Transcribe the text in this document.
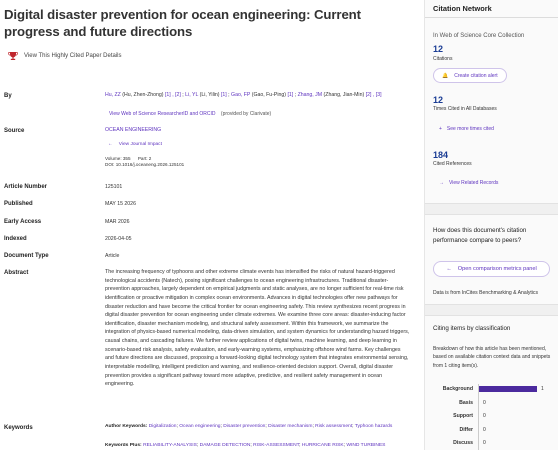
Digital disaster prevention for ocean engineering: Current progress and future directions
View This Highly Cited Paper Details
By	Hu, ZZ (Hu, Zhen-Zhong) [1] , [2] ; Li, YL (Li, Yilin) [1] ; Gao, FP (Gao, Fu-Ping) [1] ; Zhang, JM (Zhang, Jian-Min) [2] , [3]
View Web of Science ResearcherID and ORCID (provided by Clarivate)
Source	OCEAN ENGINEERING
← View Journal Impact
Volume: 355 Part: 2
DOI: 10.1016/j.oceaneng.2026.125101
Article Number	125101
Published	MAY 15 2026
Early Access	MAR 2026
Indexed	2026-04-05
Document Type	Article
Abstract	The increasing frequency of typhoons and other extreme climate events has intensified the risks of natural hazard-triggered technological accidents (Natech), posing significant challenges to ocean engineering infrastructures. Traditional disaster-prevention approaches, largely dependent on empirical judgments and static analyses, are no longer sufficient for real-time risk identification or proactive mitigation in complex ocean environments. Advances in digital technologies offer new pathways for disaster reduction and have become the critical frontier for ocean engineering safety. This review synthesizes recent progress in digital disaster prevention for ocean engineering under climate extremes. We examine three core areas: disaster-inducing factor identification, disaster mechanism modeling, and structural safety assessment. Within this framework, we summarize the integration of physics-based numerical modeling, data-driven simulation, and system dynamics for understanding hazard triggers, causal chains, and cascading failures. We further review applications of digital twins, machine learning, and deep learning in scenario-based risk analysis, safety evaluation, and early-warning systems, emphasizing offshore wind farms. Key challenges and future directions are discussed, proposing a forward-looking digital technology system that integrates environmental sensing, interpretable modelling, intelligent prediction and warning, and resilience-oriented decision support. Overall, digital disaster prevention provides a significant pathway toward more adaptive, predictive, and resilient safety management in ocean engineering.
Keywords	Author Keywords: Digitalization; Ocean engineering; Disaster prevention; Disaster mechanism; Risk assessment; Typhoon hazards
Keywords Plus: RELIABILITY-ANALYSIS; DAMAGE DETECTION; RISK-ASSESSMENT; HURRICANE RISK; WIND TURBINES
Citation Network
In Web of Science Core Collection
12
Citations
🔔 Create citation alert
12
Times Cited in All Databases
+ See more times cited
184
Cited References
→ View Related Records
How does this document's citation performance compare to peers?
← Open comparison metrics panel
Data is from InCites Benchmarking & Analytics
Citing items by classification
Breakdown of how this article has been mentioned, based on available citation context data and snippets from 1 citing item(s).
Background	1
Basis 0
Support 0
Differ 0
Discuss 0
